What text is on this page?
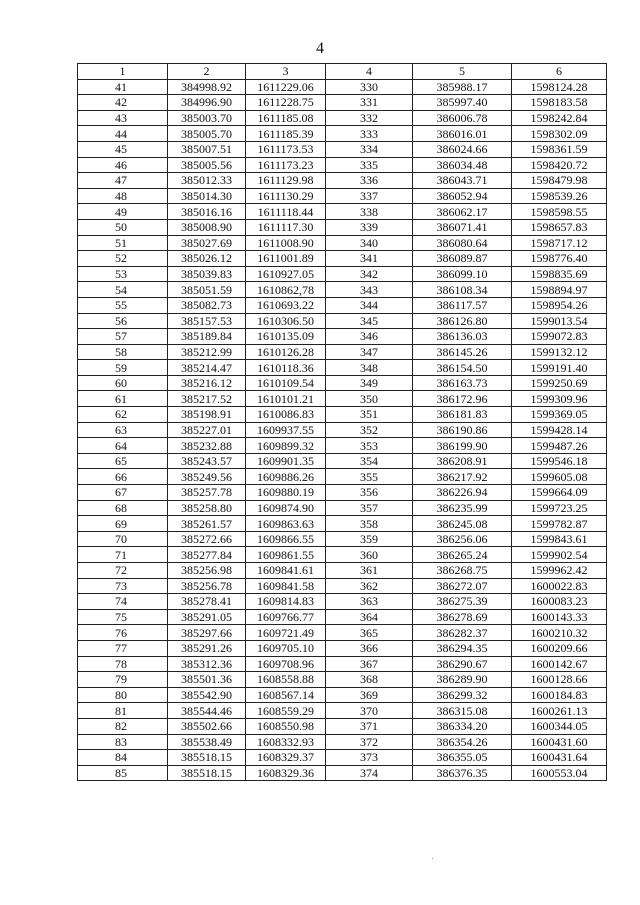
4
1	2	3	4	5	6
41	384998.92	1611229.06	330	385988.17	1598124.28
42	384996.90	1611228.75	331	385997.40	1598183.58
43	385003.70	1611185.08	332	386006.78	1598242.84
44	385005.70	1611185.39	333	386016.01	1598302.09
45	385007.51	1611173.53	334	386024.66	1598361.59
46	385005.56	1611173.23	335	386034.48	1598420.72
47	385012.33	1611129.98	336	386043.71	1598479.98
48	385014.30	1611130.29	337	386052.94	1598539.26
49	385016.16	1611118.44	338	386062.17	1598598.55
50	385008.90	1611117.30	339	386071.41	1598657.83
51	385027.69	1611008.90	340	386080.64	1598717.12
52	385026.12	1611001.89	341	386089.87	1598776.40
53	385039.83	1610927.05	342	386099.10	1598835.69
54	385051.59	1610862,78	343	386108.34	1598894.97
55	385082.73	1610693.22	344	386117.57	1598954.26
56	385157.53	1610306.50	345	386126.80	1599013.54
57	385189.84	1610135.09	346	386136.03	1599072.83
58	385212.99	1610126.28	347	386145.26	1599132.12
59	385214.47	1610118.36	348	386154.50	1599191.40
60	385216.12	1610109.54	349	386163.73	1599250.69
61	385217.52	1610101.21	350	386172.96	1599309.96
62	385198.91	1610086.83	351	386181.83	1599369.05
63	385227.01	1609937.55	352	386190.86	1599428.14
64	385232.88	1609899.32	353	386199.90	1599487.26
65	385243.57	1609901.35	354	386208.91	1599546.18
66	385249.56	1609886.26	355	386217.92	1599605.08
67	385257.78	1609880.19	356	386226.94	1599664.09
68	385258.80	1609874.90	357	386235.99	1599723.25
69	385261.57	1609863.63	358	386245.08	1599782.87
70	385272.66	1609866.55	359	386256.06	1599843.61
71	385277.84	1609861.55	360	386265.24	1599902.54
72	385256.98	1609841.61	361	386268.75	1599962.42
73	385256.78	1609841.58	362	386272.07	1600022.83
74	385278.41	1609814.83	363	386275.39	1600083.23
75	385291.05	1609766.77	364	386278.69	1600143.33
76	385297.66	1609721.49	365	386282.37	1600210.32
77	385291.26	1609705.10	366	386294.35	1600209.66
78	385312.36	1609708.96	367	386290.67	1600142.67
79	385501.36	1608558.88	368	386289.90	1600128.66
80	385542.90	1608567.14	369	386299.32	1600184.83
81	385544.46	1608559.29	370	386315.08	1600261.13
82	385502.66	1608550.98	371	386334.20	1600344.05
83	385538.49	1608332.93	372	386354.26	1600431.60
84	385518.15	1608329.37	373	386355.05	1600431.64
85	385518.15	1608329.36	374	386376.35	1600553.04
